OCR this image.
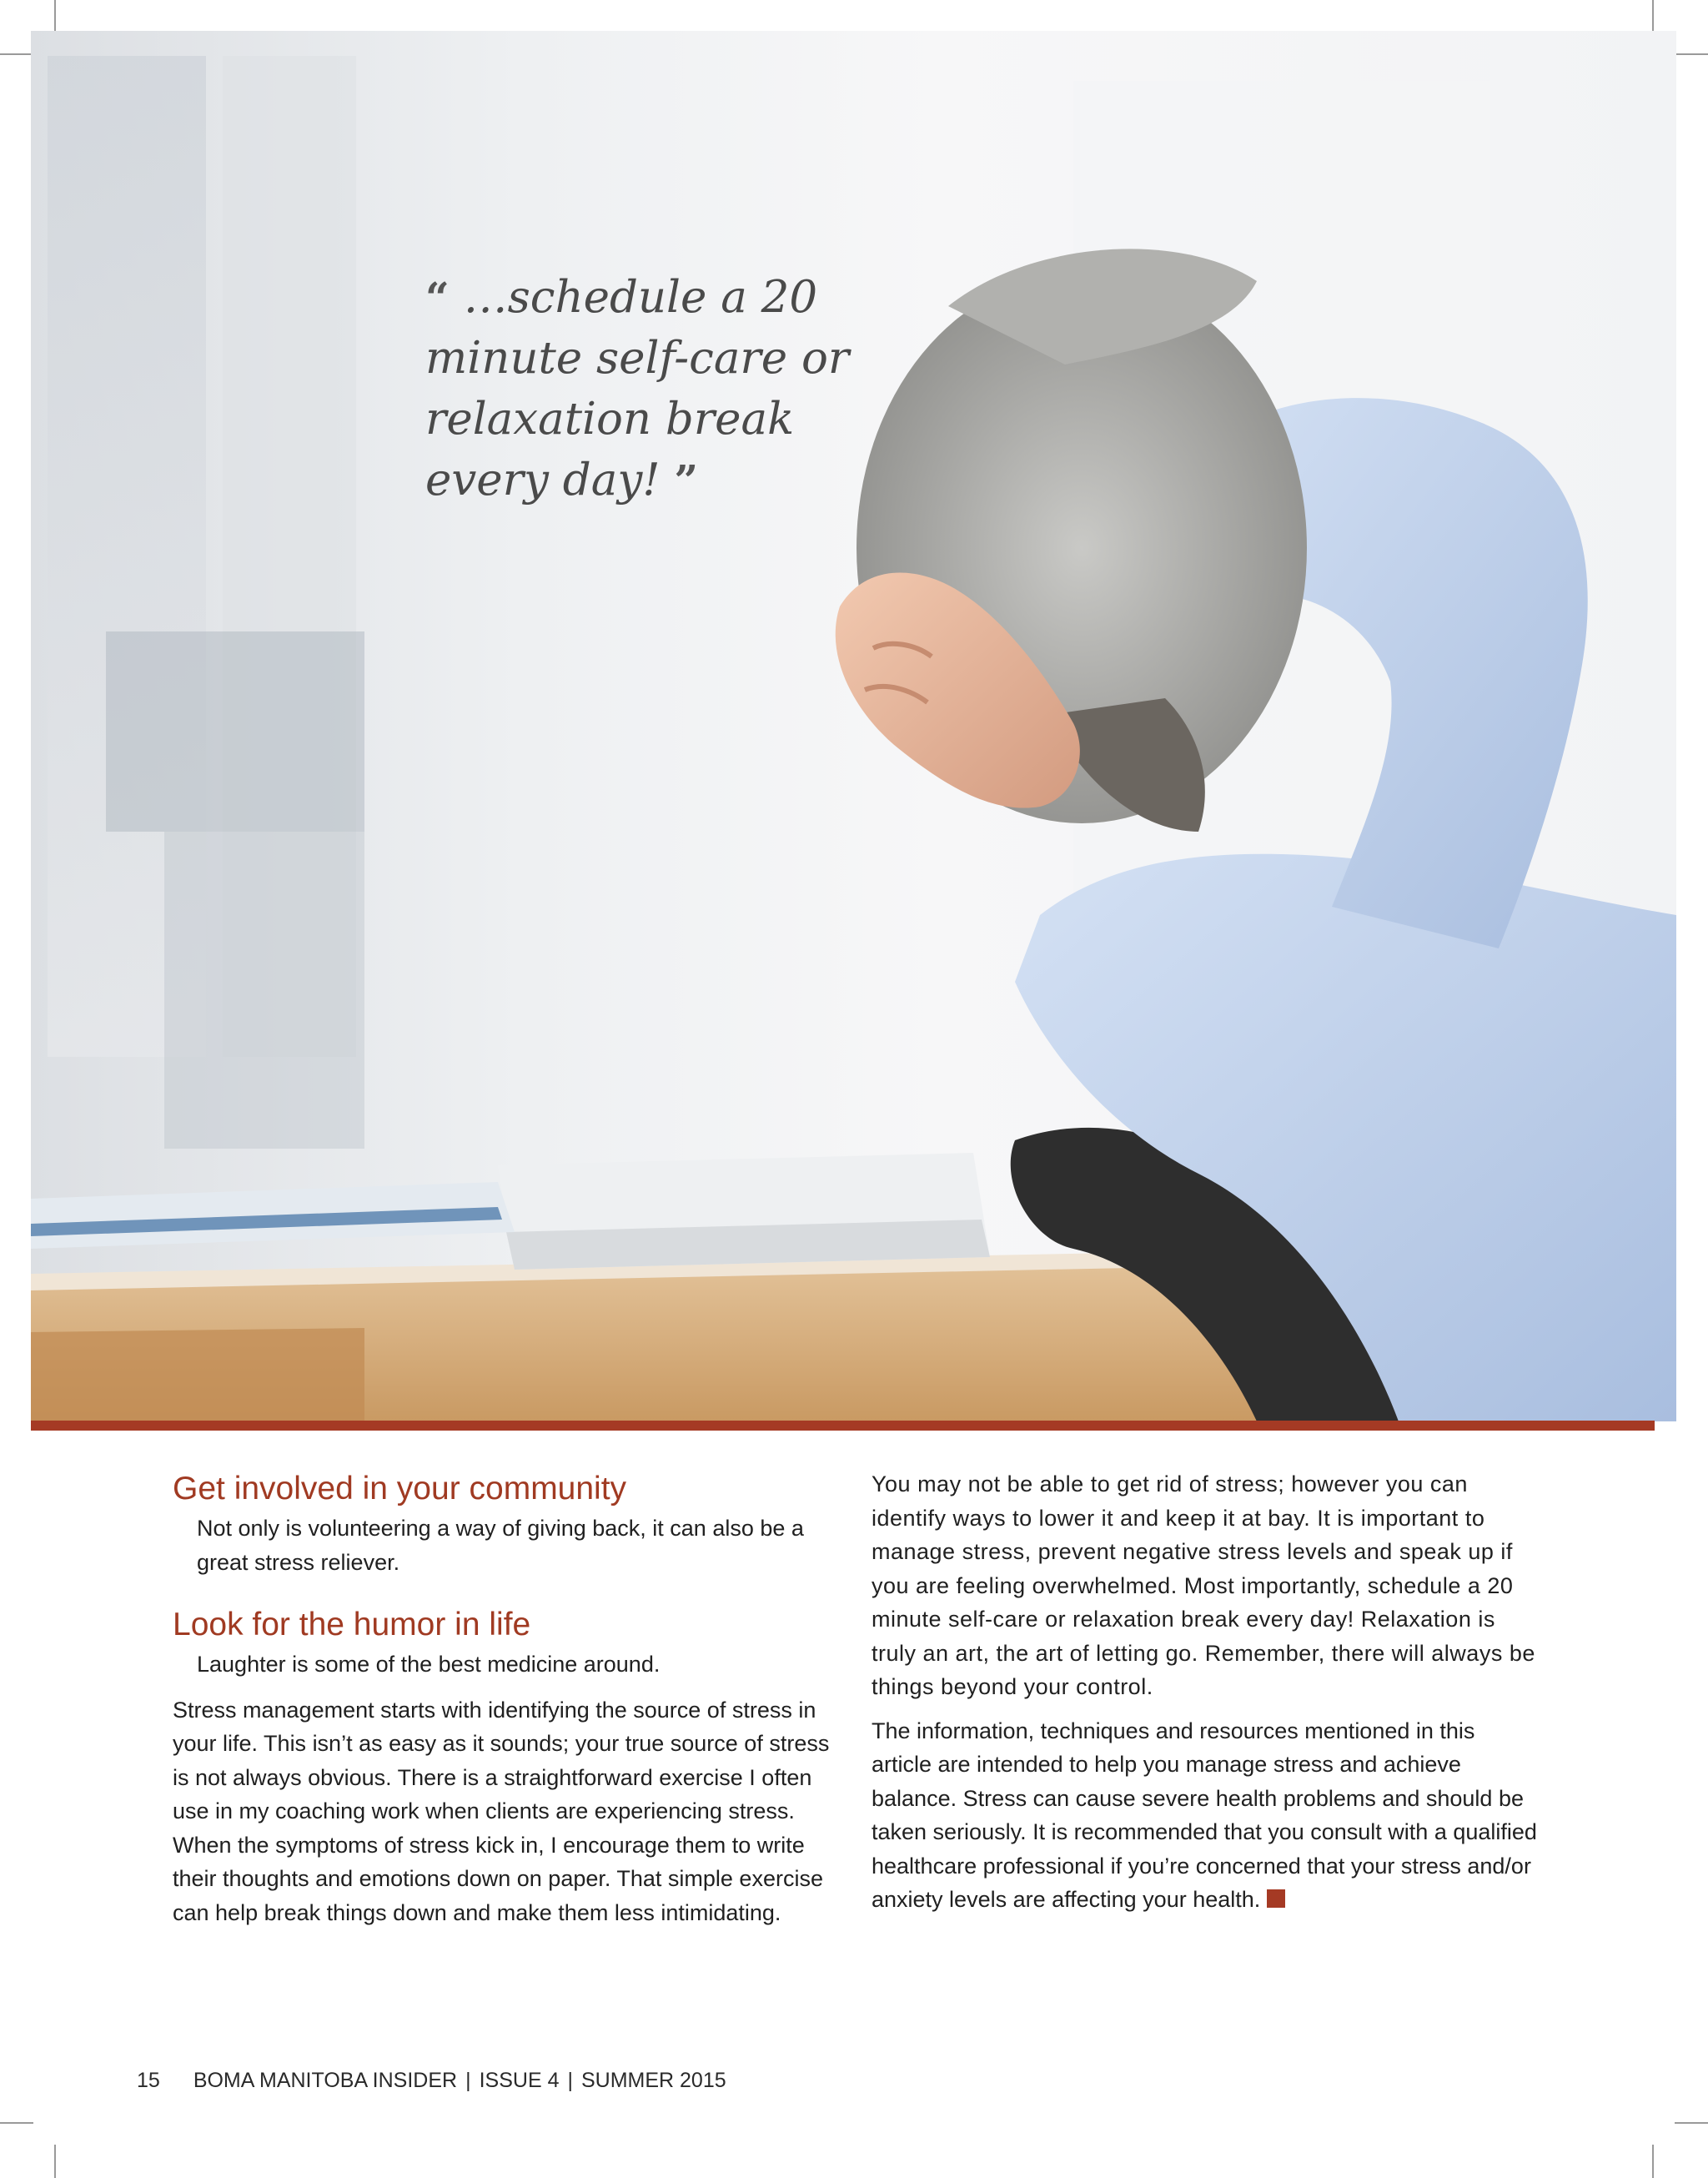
“ …schedule a 20 minute self-care or relaxation break every day! ”

Get involved in your community

Not only is volunteering a way of giving back, it can also be a great stress reliever.

Look for the humor in life

Laughter is some of the best medicine around.

Stress management starts with identifying the source of stress in your life. This isn’t as easy as it sounds; your true source of stress is not always obvious. There is a straightforward exercise I often use in my coaching work when clients are experiencing stress. When the symptoms of stress kick in, I encourage them to write their thoughts and emotions down on paper. That simple exercise can help break things down and make them less intimidating.

You may not be able to get rid of stress; however you can identify ways to lower it and keep it at bay. It is important to manage stress, prevent negative stress levels and speak up if you are feeling overwhelmed. Most importantly, schedule a 20 minute self-care or relaxation break every day! Relaxation is truly an art, the art of letting go. Remember, there will always be things beyond your control.

The information, techniques and resources mentioned in this article are intended to help you manage stress and achieve balance. Stress can cause severe health problems and should be taken seriously. It is recommended that you consult with a qualified healthcare professional if you’re concerned that your stress and/or anxiety levels are affecting your health.

15 BOMA MANITOBA INSIDER | ISSUE 4 | SUMMER 2015
